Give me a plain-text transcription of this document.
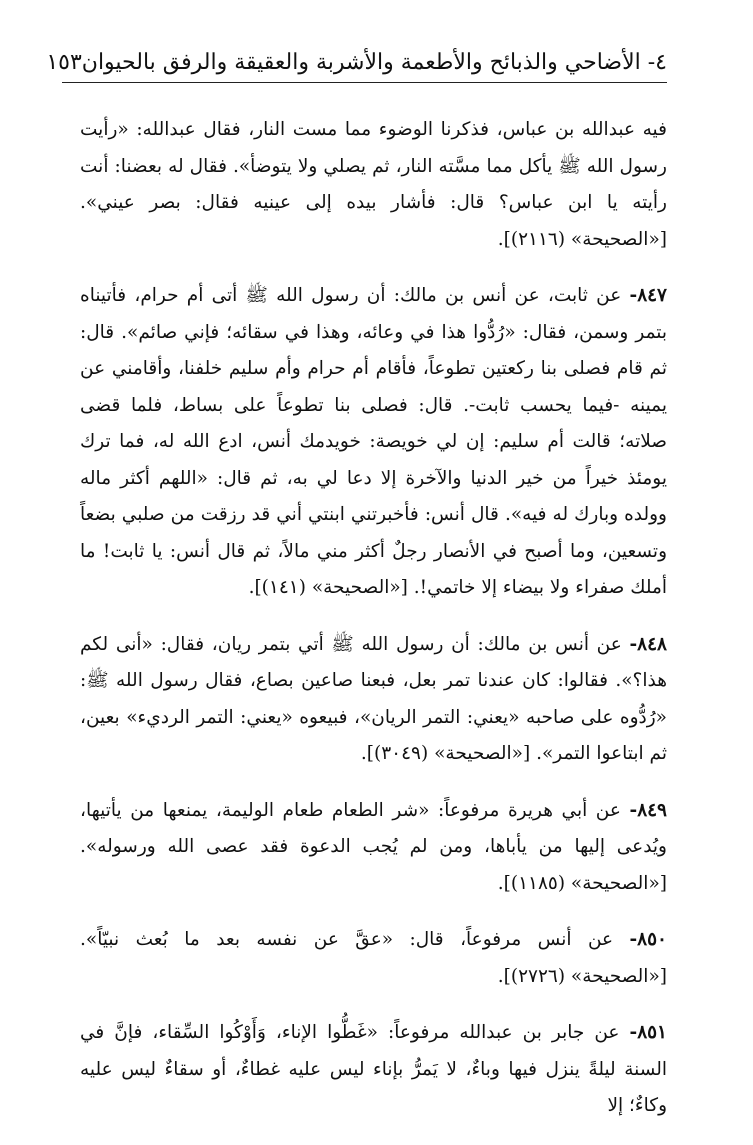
٤- الأضاحي والذبائح والأطعمة والأشربة والعقيقة والرفق بالحيوان
١٥٣

فيه عبدالله بن عباس، فذكرنا الوضوء مما مست النار، فقال عبدالله: «رأيت رسول الله ﷺ يأكل مما مسَّته النار، ثم يصلي ولا يتوضأ». فقال له بعضنا: أنت رأيته يا ابن عباس؟ قال: فأشار بيده إلى عينيه فقال: بصر عيني». [«الصحيحة» (٢١١٦)].

٨٤٧- عن ثابت، عن أنس بن مالك: أن رسول الله ﷺ أتى أم حرام، فأتيناه بتمر وسمن، فقال: «رُدُّوا هذا في وعائه، وهذا في سقائه؛ فإني صائم». قال: ثم قام فصلى بنا ركعتين تطوعاً، فأقام أم حرام وأم سليم خلفنا، وأقامني عن يمينه -فيما يحسب ثابت-. قال: فصلى بنا تطوعاً على بساط، فلما قضى صلاته؛ قالت أم سليم: إن لي خويصة: خويدمك أنس، ادع الله له، فما ترك يومئذ خيراً من خير الدنيا والآخرة إلا دعا لي به، ثم قال: «اللهم أكثر ماله وولده وبارك له فيه». قال أنس: فأخبرتني ابنتي أني قد رزقت من صلبي بضعاً وتسعين، وما أصبح في الأنصار رجلٌ أكثر مني مالاً، ثم قال أنس: يا ثابت! ما أملك صفراء ولا بيضاء إلا خاتمي!. [«الصحيحة» (١٤١)].

٨٤٨- عن أنس بن مالك: أن رسول الله ﷺ أتي بتمر ريان، فقال: «أنى لكم هذا؟». فقالوا: كان عندنا تمر بعل، فبعنا صاعين بصاع، فقال رسول الله ﷺ: «رُدُّوه على صاحبه «يعني: التمر الريان»، فبيعوه «يعني: التمر الرديء» بعين، ثم ابتاعوا التمر». [«الصحيحة» (٣٠٤٩)].

٨٤٩- عن أبي هريرة مرفوعاً: «شر الطعام طعام الوليمة، يمنعها من يأتيها، ويُدعى إليها من يأباها، ومن لم يُجب الدعوة فقد عصى الله ورسوله». [«الصحيحة» (١١٨٥)].

٨٥٠- عن أنس مرفوعاً، قال: «عقَّ عن نفسه بعد ما بُعث نبيّاً». [«الصحيحة» (٢٧٢٦)].

٨٥١- عن جابر بن عبدالله مرفوعاً: «غَطُّوا الإناء، وَأَوْكُوا السِّقاء، فإنَّ في السنة ليلةً ينزل فيها وباءٌ، لا يَمرُّ بإناء ليس عليه غطاءٌ، أو سقاءٌ ليس عليه وكاءٌ؛ إلا
